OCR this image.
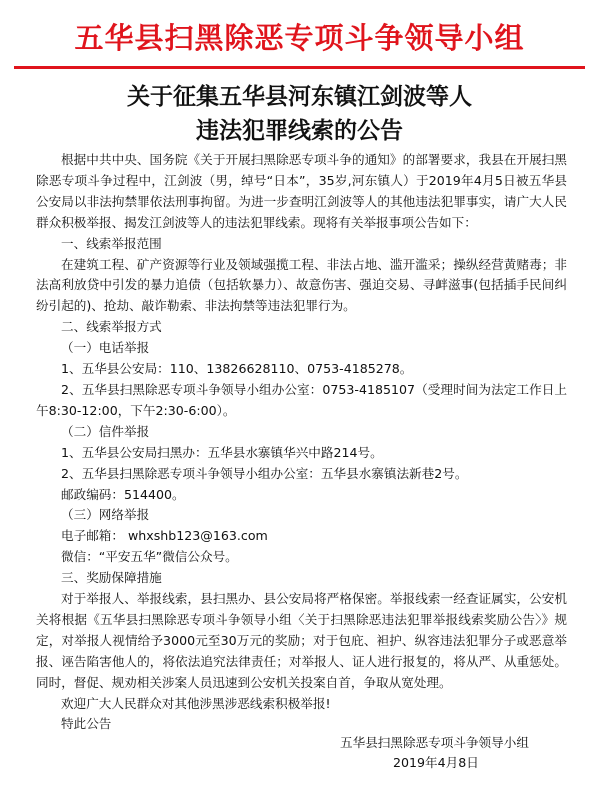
五华县扫黑除恶专项斗争领导小组
关于征集五华县河东镇江剑波等人
违法犯罪线索的公告

根据中共中央、国务院《关于开展扫黑除恶专项斗争的通知》的部署要求，我县在开展扫黑除恶专项斗争过程中，江剑波（男，绰号“日本”，35岁,河东镇人）于2019年4月5日被五华县公安局以非法拘禁罪依法刑事拘留。为进一步查明江剑波等人的其他违法犯罪事实，请广大人民群众积极举报、揭发江剑波等人的违法犯罪线索。现将有关举报事项公告如下：

一、线索举报范围

在建筑工程、矿产资源等行业及领域强揽工程、非法占地、滥开滥采；操纵经营黄赌毒；非法高利放贷中引发的暴力追债（包括软暴力）、故意伤害、强迫交易、寻衅滋事(包括插手民间纠纷引起的)、抢劫、敲诈勒索、非法拘禁等违法犯罪行为。

二、线索举报方式

（一）电话举报

1、五华县公安局：110、13826628110、0753-4185278。

2、五华县扫黑除恶专项斗争领导小组办公室：0753-4185107（受理时间为法定工作日上午8:30-12:00，下午2:30-6:00）。

（二）信件举报

1、五华县公安局扫黑办：五华县水寨镇华兴中路214号。

2、五华县扫黑除恶专项斗争领导小组办公室：五华县水寨镇法新巷2号。

邮政编码：514400。

（三）网络举报

电子邮箱： whxshb123@163.com

微信：“平安五华”微信公众号。

三、奖励保障措施

对于举报人、举报线索，县扫黑办、县公安局将严格保密。举报线索一经查证属实，公安机关将根据《五华县扫黑除恶专项斗争领导小组〈关于扫黑除恶违法犯罪举报线索奖励公告〉》规定，对举报人视情给予3000元至30万元的奖励；对于包庇、袒护、纵容违法犯罪分子或恶意举报、诬告陷害他人的，将依法追究法律责任；对举报人、证人进行报复的，将从严、从重惩处。同时，督促、规劝相关涉案人员迅速到公安机关投案自首，争取从宽处理。

欢迎广大人民群众对其他涉黑涉恶线索积极举报!

特此公告

五华县扫黑除恶专项斗争领导小组
2019年4月8日
